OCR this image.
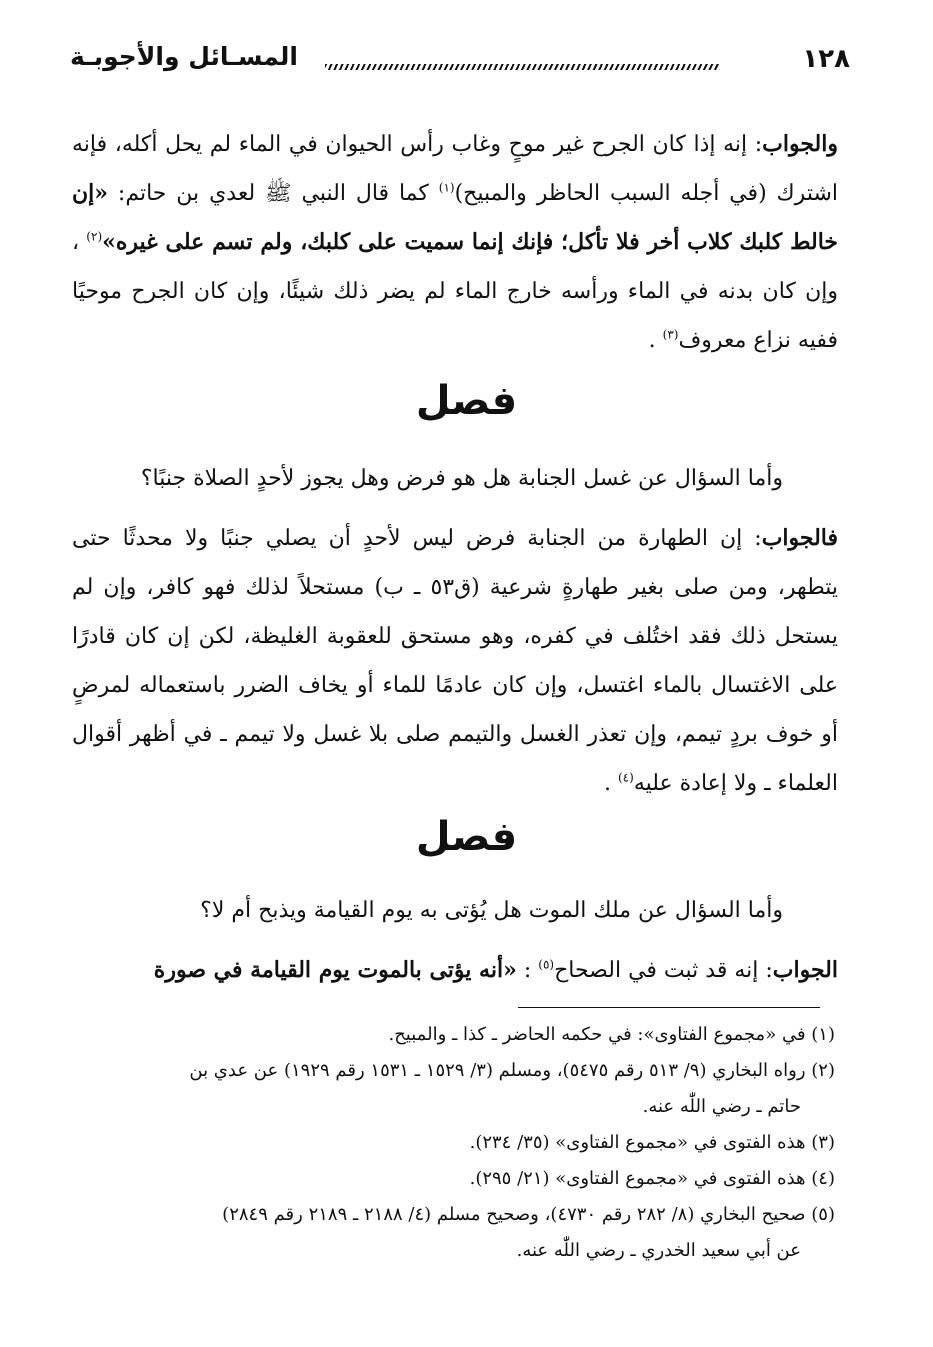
١٢٨
المسـائل والأجوبـة

والجواب: إنه إذا كان الجرح غير موحٍ وغاب رأس الحيوان في الماء لم يحل أكله، فإنه اشترك (في أجله السبب الحاظر والمبيح)$^{(١)}$ كما قال النبي ﷺ لعدي بن حاتم: «إن خالط كلبك كلاب أخر فلا تأكل؛ فإنك إنما سميت على كلبك، ولم تسم على غيره»$^{(٢)}$ ، وإن كان بدنه في الماء ورأسه خارج الماء لم يضر ذلك شيئًا، وإن كان الجرح موحيًا ففيه نزاع معروف$^{(٣)}$ .

فصل

وأما السؤال عن غسل الجنابة هل هو فرض وهل يجوز لأحدٍ الصلاة جنبًا؟

فالجواب: إن الطهارة من الجنابة فرض ليس لأحدٍ أن يصلي جنبًا ولا محدثًا حتى يتطهر، ومن صلى بغير طهارةٍ شرعية (ق٥٣ ـ ب) مستحلاً لذلك فهو كافر، وإن لم يستحل ذلك فقد اختُلف في كفره، وهو مستحق للعقوبة الغليظة، لكن إن كان قادرًا على الاغتسال بالماء اغتسل، وإن كان عادمًا للماء أو يخاف الضرر باستعماله لمرضٍ أو خوف بردٍ تيمم، وإن تعذر الغسل والتيمم صلى بلا غسل ولا تيمم ـ في أظهر أقوال العلماء ـ ولا إعادة عليه$^{(٤)}$ .

فصل

وأما السؤال عن ملك الموت هل يُؤتى به يوم القيامة ويذبح أم لا؟

الجواب: إنه قد ثبت في الصحاح$^{(٥)}$ : «أنه يؤتى بالموت يوم القيامة في صورة

(١) في «مجموع الفتاوى»: في حكمه الحاضر ـ كذا ـ والمبيح.
(٢) رواه البخاري (٩/ ٥١٣ رقم ٥٤٧٥)، ومسلم (٣/ ١٥٢٩ ـ ١٥٣١ رقم ١٩٢٩) عن عدي بن
حاتم ـ رضي اللّٰه عنه.
(٣) هذه الفتوى في «مجموع الفتاوى» (٣٥/ ٢٣٤).
(٤) هذه الفتوى في «مجموع الفتاوى» (٢١/ ٢٩٥).
(٥) صحيح البخاري (٨/ ٢٨٢ رقم ٤٧٣٠)، وصحيح مسلم (٤/ ٢١٨٨ ـ ٢١٨٩ رقم ٢٨٤٩)
عن أبي سعيد الخدري ـ رضي اللّٰه عنه.
